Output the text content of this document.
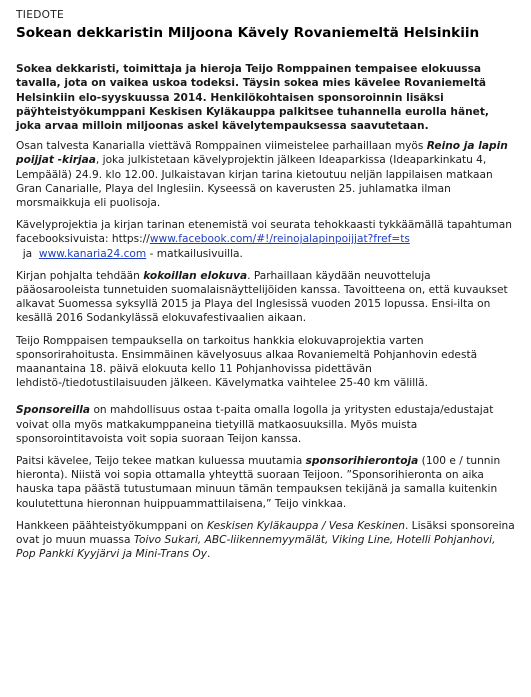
TIEDOTE
Sokean dekkaristin Miljoona Kävely Rovaniemeltä Helsinkiin

Sokea dekkaristi, toimittaja ja hieroja Teijo Romppainen tempaisee elokuussa tavalla, jota on vaikea uskoa todeksi. Täysin sokea mies kävelee Rovaniemeltä Helsinkiin elo-syyskuussa 2014. Henkilökohtaisen sponsoroinnin lisäksi päÿhteistyökumppani Keskisen Kyläkauppa palkitsee tuhannella eurolla hänet, joka arvaa milloin miljoonas askel kävelytempauksessa saavutetaan.

Osan talvesta Kanarialla viettävä Romppainen viimeistelee parhaillaan myös Reino ja lapin poijjat -kirjaa, joka julkistetaan kävelyprojektin jälkeen Ideaparkissa (Ideaparkinkatu 4, Lempäälä) 24.9. klo 12.00. Julkaistavan kirjan tarina kietoutuu neljän lappilaisen matkaan Gran Canarialle, Playa del Inglesiin. Kyseessä on kaverusten 25. juhlamatka ilman morsmaikkuja eli puolisoja.

Kävelyprojektia ja kirjan tarinan etenemistä voi seurata tehokkaasti tykkäämällä tapahtuman facebooksivuista: https://www.facebook.com/#!/reinojalapinpoijjat?fref=ts  ja  www.kanaria24.com - matkailusivuilla.

Kirjan pohjalta tehdään kokoillan elokuva. Parhaillaan käydään neuvotteluja pääosarooleista tunnetuiden suomalaisnäyttelijöiden kanssa. Tavoitteena on, että kuvaukset alkavat Suomessa syksyllä 2015 ja Playa del Inglesissä vuoden 2015 lopussa. Ensi-ilta on kesällä 2016 Sodankylässä elokuvafestivaalien aikaan.

Teijo Romppaisen tempauksella on tarkoitus hankkia elokuvaprojektia varten sponsorirahoitusta. Ensimmäinen kävelyosuus alkaa Rovaniemeltä Pohjanhovin edestä maanantaina 18. päivä elokuuta kello 11 Pohjanhovissa pidettävän lehdistö-/tiedotustilaisuuden jälkeen. Kävelymatka vaihtelee 25-40 km välillä.

Sponsoreilla on mahdollisuus ostaa t-paita omalla logolla ja yritysten edustaja/edustajat voivat olla myös matkakumppaneina tietyillä matkaosuuksilla. Myös muista sponsorointitavoista voit sopia suoraan Teijon kanssa.

Paitsi kävelee, Teijo tekee matkan kuluessa muutamia sponsorihierontoja (100 e / tunnin hieronta). Niistä voi sopia ottamalla yhteyttä suoraan Teijoon. ”Sponsorihieronta on aika hauska tapa päästä tutustumaan minuun tämän tempauksen tekijänä ja samalla kuitenkin koulutettuna hieronnan huippuammattilaisena,” Teijo vinkkaa.

Hankkeen päähteistyökumppani on Keskisen Kyläkauppa / Vesa Keskinen. Lisäksi sponsoreina ovat jo muun muassa Toivo Sukari, ABC-liikennemyymälät, Viking Line, Hotelli Pohjanhovi, Pop Pankki Kyyjärvi ja Mini-Trans Oy.
